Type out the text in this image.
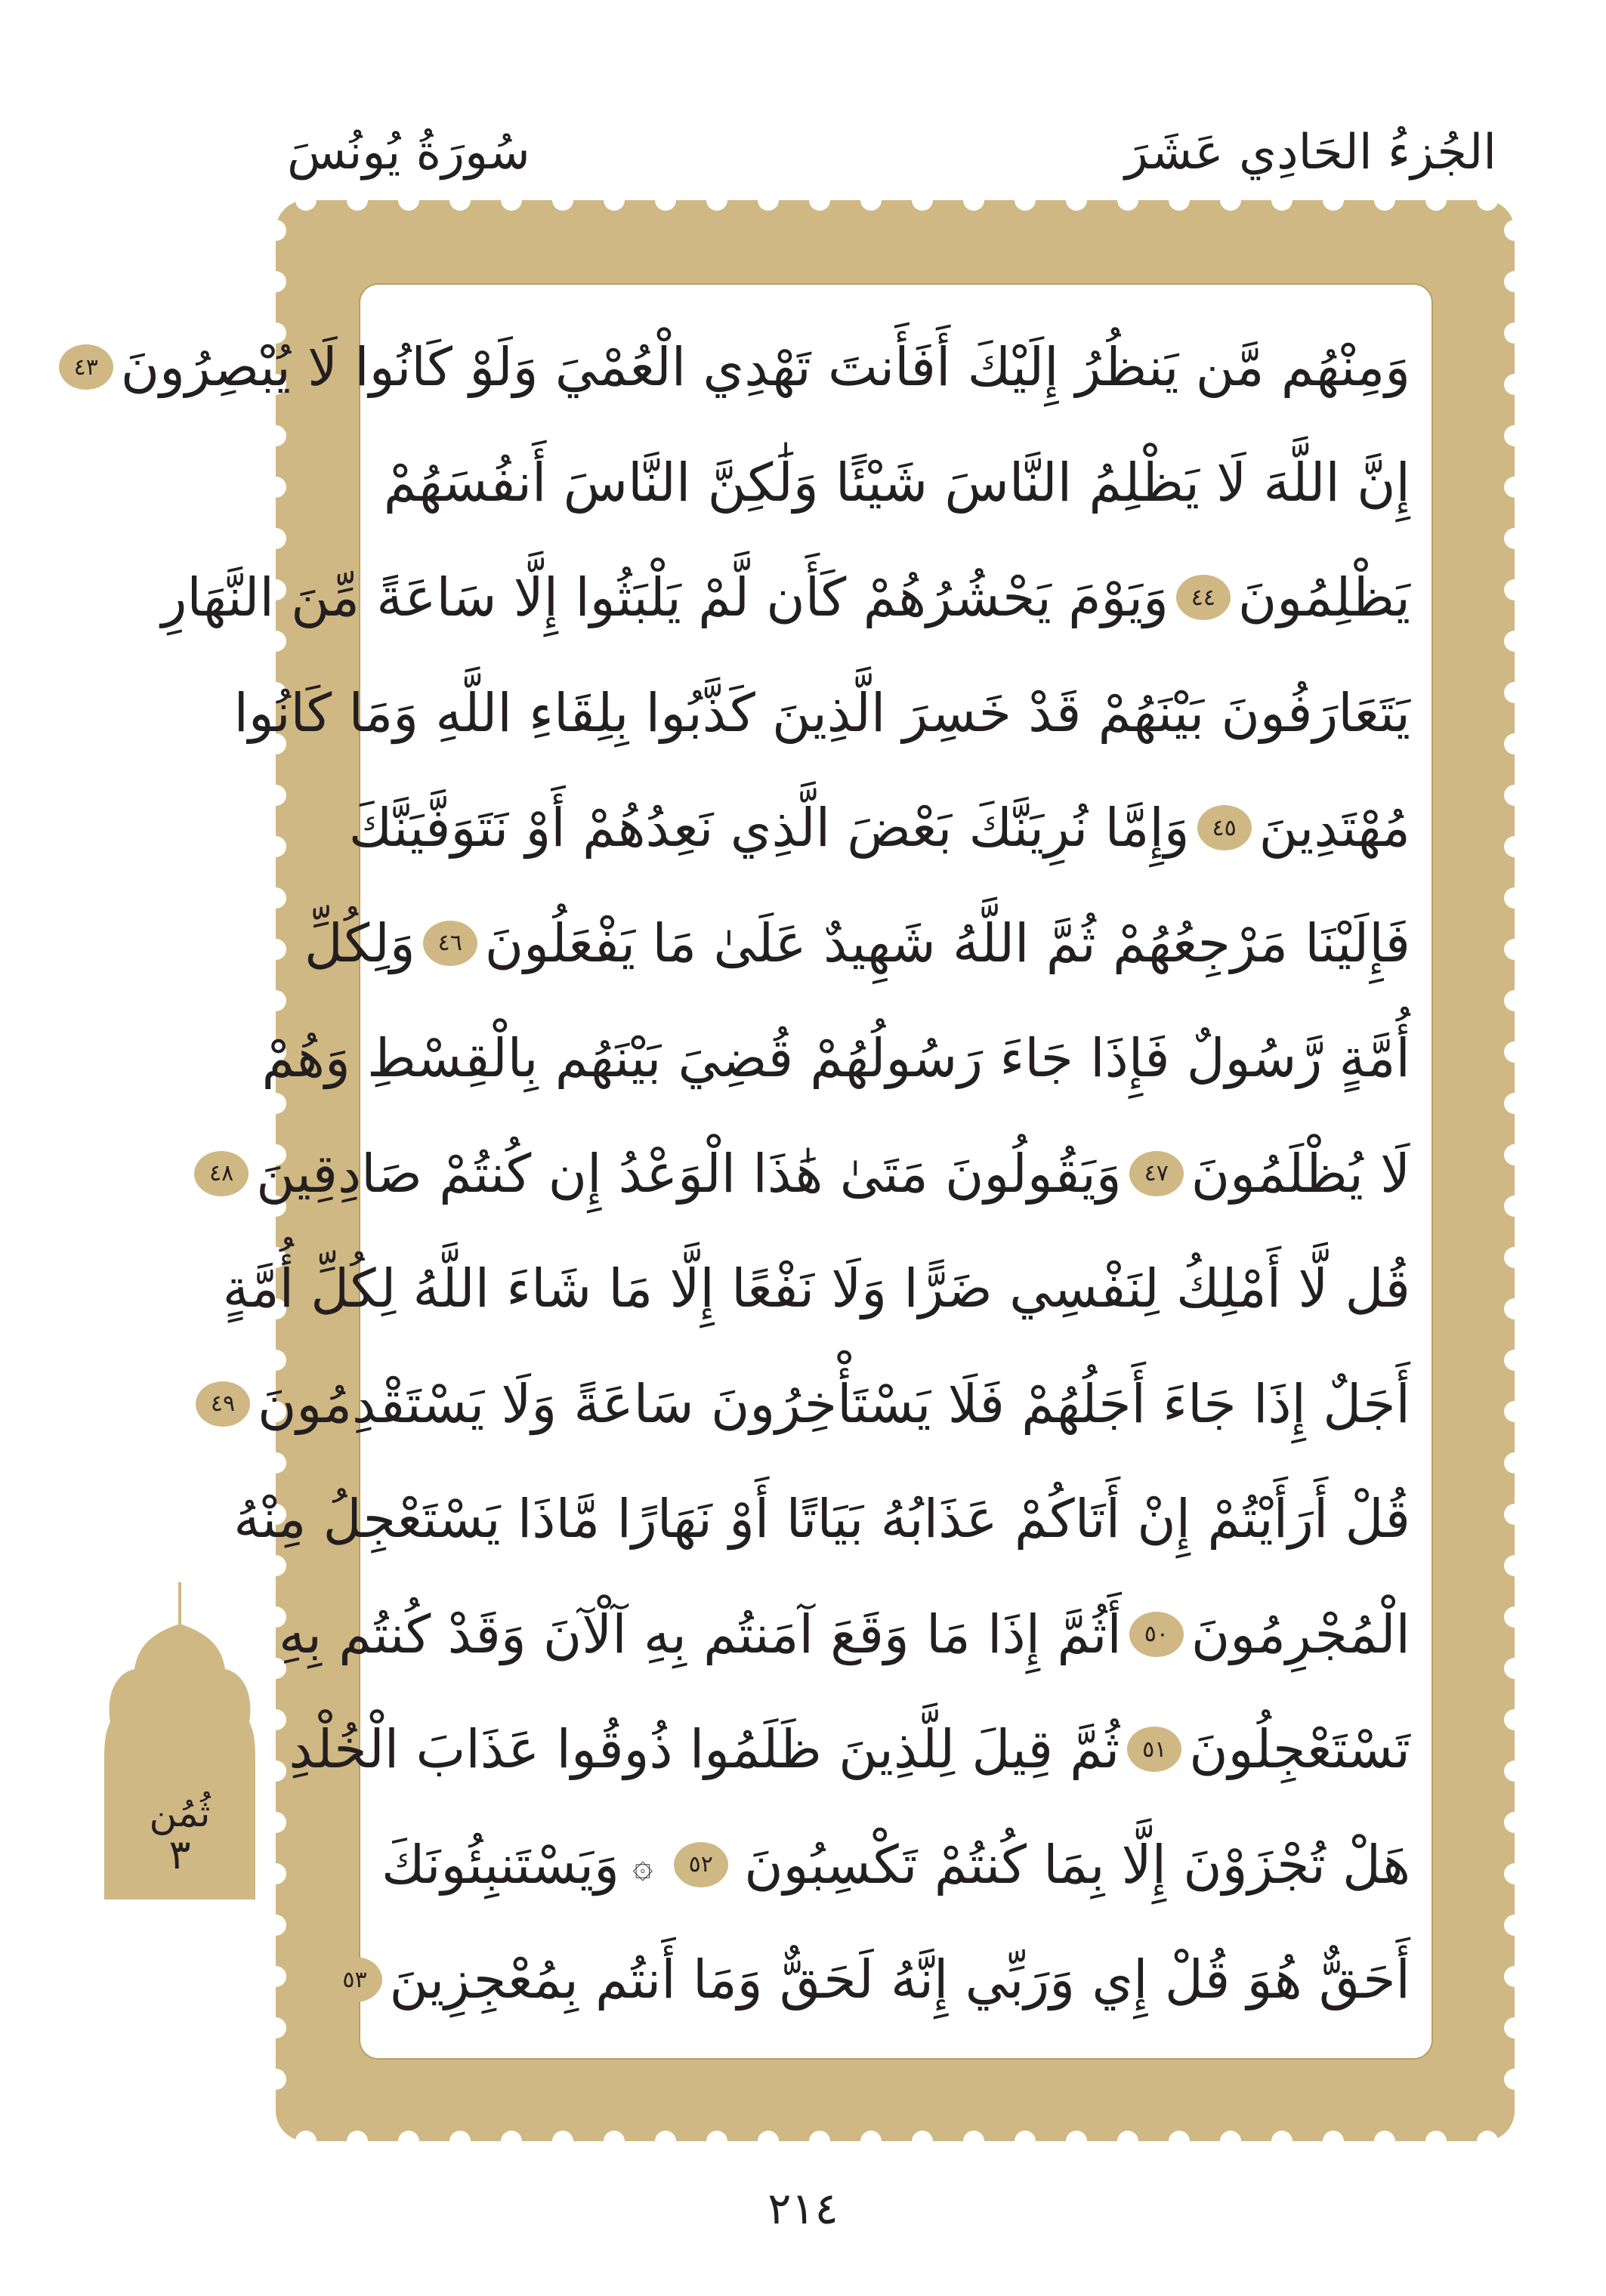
الجُزءُ الحَادِي عَشَرَ
سُورَةُ يُونُسَ
وَمِنْهُم مَّن يَنظُرُ إِلَيْكَ أَفَأَنتَ تَهْدِي الْعُمْيَ وَلَوْ كَانُوا لَا يُبْصِرُونَ
٤٣
إِنَّ اللَّهَ لَا يَظْلِمُ النَّاسَ شَيْئًا وَلَٰكِنَّ النَّاسَ أَنفُسَهُمْ
يَظْلِمُونَ
٤٤
وَيَوْمَ يَحْشُرُهُمْ كَأَن لَّمْ يَلْبَثُوا إِلَّا سَاعَةً مِّنَ النَّهَارِ
يَتَعَارَفُونَ بَيْنَهُمْ قَدْ خَسِرَ الَّذِينَ كَذَّبُوا بِلِقَاءِ اللَّهِ وَمَا كَانُوا
مُهْتَدِينَ
٤٥
وَإِمَّا نُرِيَنَّكَ بَعْضَ الَّذِي نَعِدُهُمْ أَوْ نَتَوَفَّيَنَّكَ
فَإِلَيْنَا مَرْجِعُهُمْ ثُمَّ اللَّهُ شَهِيدٌ عَلَىٰ مَا يَفْعَلُونَ
٤٦
وَلِكُلِّ
أُمَّةٍ رَّسُولٌ فَإِذَا جَاءَ رَسُولُهُمْ قُضِيَ بَيْنَهُم بِالْقِسْطِ وَهُمْ
لَا يُظْلَمُونَ
٤٧
وَيَقُولُونَ مَتَىٰ هَٰذَا الْوَعْدُ إِن كُنتُمْ صَادِقِينَ
٤٨
قُل لَّا أَمْلِكُ لِنَفْسِي ضَرًّا وَلَا نَفْعًا إِلَّا مَا شَاءَ اللَّهُ لِكُلِّ أُمَّةٍ
أَجَلٌ إِذَا جَاءَ أَجَلُهُمْ فَلَا يَسْتَأْخِرُونَ سَاعَةً وَلَا يَسْتَقْدِمُونَ
٤٩
قُلْ أَرَأَيْتُمْ إِنْ أَتَاكُمْ عَذَابُهُ بَيَاتًا أَوْ نَهَارًا مَّاذَا يَسْتَعْجِلُ مِنْهُ
الْمُجْرِمُونَ
٥٠
أَثُمَّ إِذَا مَا وَقَعَ آمَنتُم بِهِ آلْآنَ وَقَدْ كُنتُم بِهِ
تَسْتَعْجِلُونَ
٥١
ثُمَّ قِيلَ لِلَّذِينَ ظَلَمُوا ذُوقُوا عَذَابَ الْخُلْدِ
هَلْ تُجْزَوْنَ إِلَّا بِمَا كُنتُمْ تَكْسِبُونَ
٥٢
۞
وَيَسْتَنبِئُونَكَ
أَحَقٌّ هُوَ قُلْ إِي وَرَبِّي إِنَّهُ لَحَقٌّ وَمَا أَنتُم بِمُعْجِزِينَ
٥٣
ثُمُن
٣
٢١٤
